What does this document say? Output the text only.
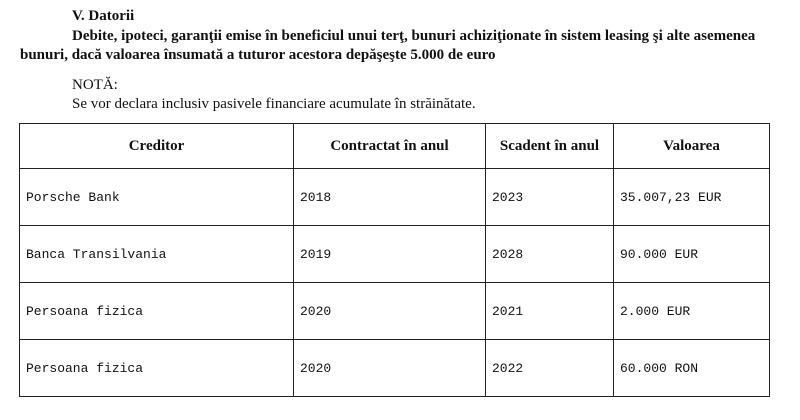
V. Datorii

Debite, ipoteci, garanţii emise în beneficiul unui terţ, bunuri achiziţionate în sistem leasing şi alte asemenea bunuri, dacă valoarea însumată a tuturor acestora depăşeşte 5.000 de euro

NOTĂ:

Se vor declara inclusiv pasivele financiare acumulate în străinătate.

Creditor	Contractat în anul	Scadent în anul	Valoarea
Porsche Bank	2018	2023	35.007,23 EUR
Banca Transilvania	2019	2028	90.000 EUR
Persoana fizica	2020	2021	2.000 EUR
Persoana fizica	2020	2022	60.000 RON
